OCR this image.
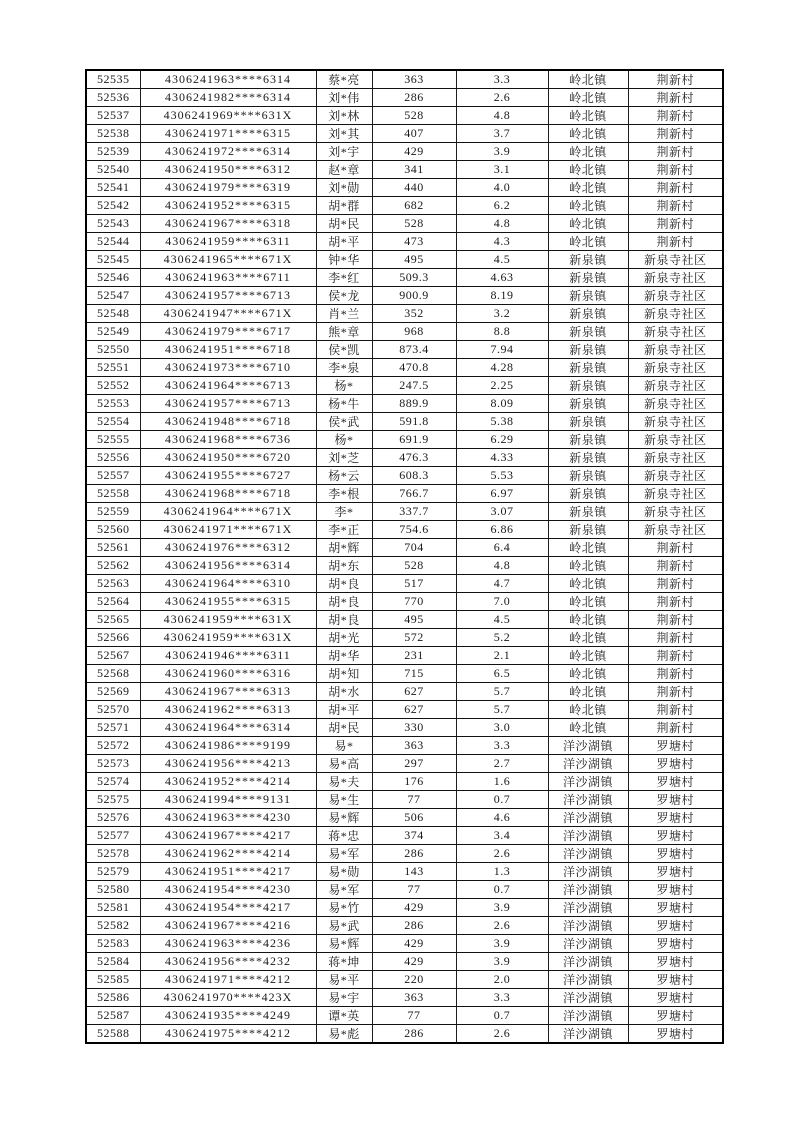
52535	4306241963****6314	蔡*亮	363	3.3	岭北镇	荆新村
52536	4306241982****6314	刘*伟	286	2.6	岭北镇	荆新村
52537	4306241969****631X	刘*林	528	4.8	岭北镇	荆新村
52538	4306241971****6315	刘*其	407	3.7	岭北镇	荆新村
52539	4306241972****6314	刘*宇	429	3.9	岭北镇	荆新村
52540	4306241950****6312	赵*章	341	3.1	岭北镇	荆新村
52541	4306241979****6319	刘*勋	440	4.0	岭北镇	荆新村
52542	4306241952****6315	胡*群	682	6.2	岭北镇	荆新村
52543	4306241967****6318	胡*民	528	4.8	岭北镇	荆新村
52544	4306241959****6311	胡*平	473	4.3	岭北镇	荆新村
52545	4306241965****671X	钟*华	495	4.5	新泉镇	新泉寺社区
52546	4306241963****6711	李*红	509.3	4.63	新泉镇	新泉寺社区
52547	4306241957****6713	侯*龙	900.9	8.19	新泉镇	新泉寺社区
52548	4306241947****671X	肖*兰	352	3.2	新泉镇	新泉寺社区
52549	4306241979****6717	熊*章	968	8.8	新泉镇	新泉寺社区
52550	4306241951****6718	侯*凯	873.4	7.94	新泉镇	新泉寺社区
52551	4306241973****6710	李*泉	470.8	4.28	新泉镇	新泉寺社区
52552	4306241964****6713	杨*	247.5	2.25	新泉镇	新泉寺社区
52553	4306241957****6713	杨*牛	889.9	8.09	新泉镇	新泉寺社区
52554	4306241948****6718	侯*武	591.8	5.38	新泉镇	新泉寺社区
52555	4306241968****6736	杨*	691.9	6.29	新泉镇	新泉寺社区
52556	4306241950****6720	刘*芝	476.3	4.33	新泉镇	新泉寺社区
52557	4306241955****6727	杨*云	608.3	5.53	新泉镇	新泉寺社区
52558	4306241968****6718	李*根	766.7	6.97	新泉镇	新泉寺社区
52559	4306241964****671X	李*	337.7	3.07	新泉镇	新泉寺社区
52560	4306241971****671X	李*正	754.6	6.86	新泉镇	新泉寺社区
52561	4306241976****6312	胡*辉	704	6.4	岭北镇	荆新村
52562	4306241956****6314	胡*东	528	4.8	岭北镇	荆新村
52563	4306241964****6310	胡*良	517	4.7	岭北镇	荆新村
52564	4306241955****6315	胡*良	770	7.0	岭北镇	荆新村
52565	4306241959****631X	胡*良	495	4.5	岭北镇	荆新村
52566	4306241959****631X	胡*光	572	5.2	岭北镇	荆新村
52567	4306241946****6311	胡*华	231	2.1	岭北镇	荆新村
52568	4306241960****6316	胡*知	715	6.5	岭北镇	荆新村
52569	4306241967****6313	胡*水	627	5.7	岭北镇	荆新村
52570	4306241962****6313	胡*平	627	5.7	岭北镇	荆新村
52571	4306241964****6314	胡*民	330	3.0	岭北镇	荆新村
52572	4306241986****9199	易*	363	3.3	洋沙湖镇	罗塘村
52573	4306241956****4213	易*高	297	2.7	洋沙湖镇	罗塘村
52574	4306241952****4214	易*夫	176	1.6	洋沙湖镇	罗塘村
52575	4306241994****9131	易*生	77	0.7	洋沙湖镇	罗塘村
52576	4306241963****4230	易*辉	506	4.6	洋沙湖镇	罗塘村
52577	4306241967****4217	蒋*忠	374	3.4	洋沙湖镇	罗塘村
52578	4306241962****4214	易*军	286	2.6	洋沙湖镇	罗塘村
52579	4306241951****4217	易*勋	143	1.3	洋沙湖镇	罗塘村
52580	4306241954****4230	易*军	77	0.7	洋沙湖镇	罗塘村
52581	4306241954****4217	易*竹	429	3.9	洋沙湖镇	罗塘村
52582	4306241967****4216	易*武	286	2.6	洋沙湖镇	罗塘村
52583	4306241963****4236	易*辉	429	3.9	洋沙湖镇	罗塘村
52584	4306241956****4232	蒋*坤	429	3.9	洋沙湖镇	罗塘村
52585	4306241971****4212	易*平	220	2.0	洋沙湖镇	罗塘村
52586	4306241970****423X	易*宇	363	3.3	洋沙湖镇	罗塘村
52587	4306241935****4249	谭*英	77	0.7	洋沙湖镇	罗塘村
52588	4306241975****4212	易*彪	286	2.6	洋沙湖镇	罗塘村
